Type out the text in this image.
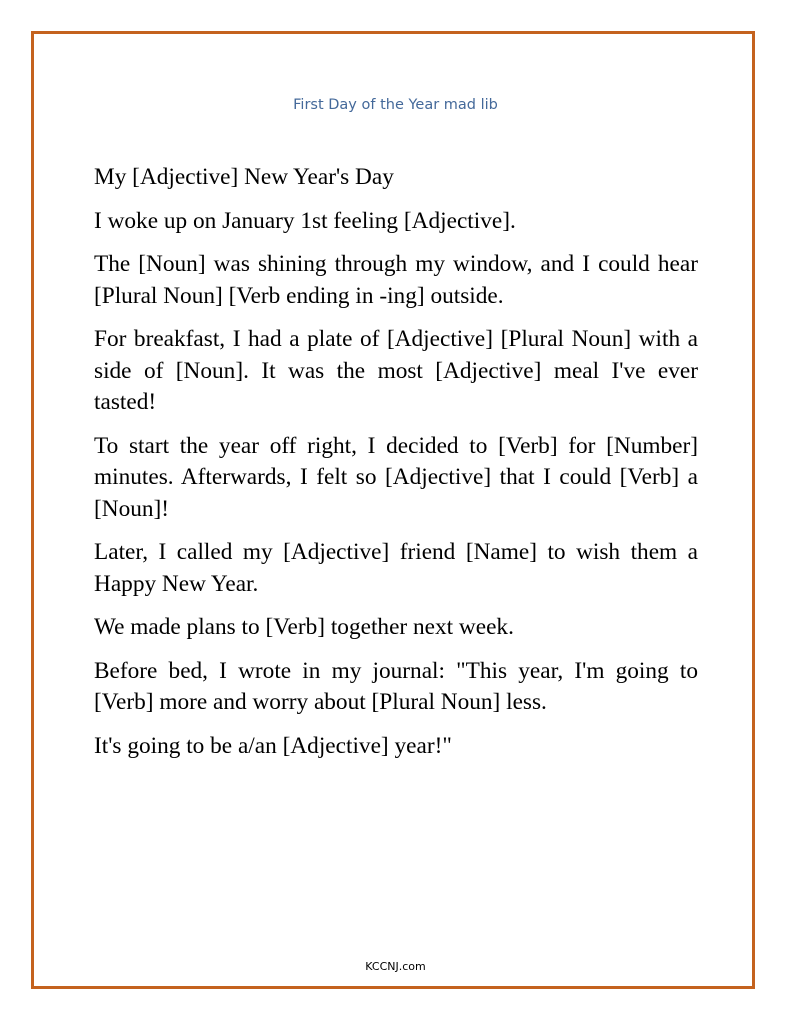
First Day of the Year mad lib

My [Adjective] New Year's Day

I woke up on January 1st feeling [Adjective].

The [Noun] was shining through my window, and I could hear [Plural Noun] [Verb ending in -ing] outside.

For breakfast, I had a plate of [Adjective] [Plural Noun] with a side of [Noun]. It was the most [Adjective] meal I've ever tasted!

To start the year off right, I decided to [Verb] for [Number] minutes. Afterwards, I felt so [Adjective] that I could [Verb] a [Noun]!

Later, I called my [Adjective] friend [Name] to wish them a Happy New Year.

We made plans to [Verb] together next week.

Before bed, I wrote in my journal: "This year, I'm going to [Verb] more and worry about [Plural Noun] less.

It's going to be a/an [Adjective] year!"

KCCNJ.com
